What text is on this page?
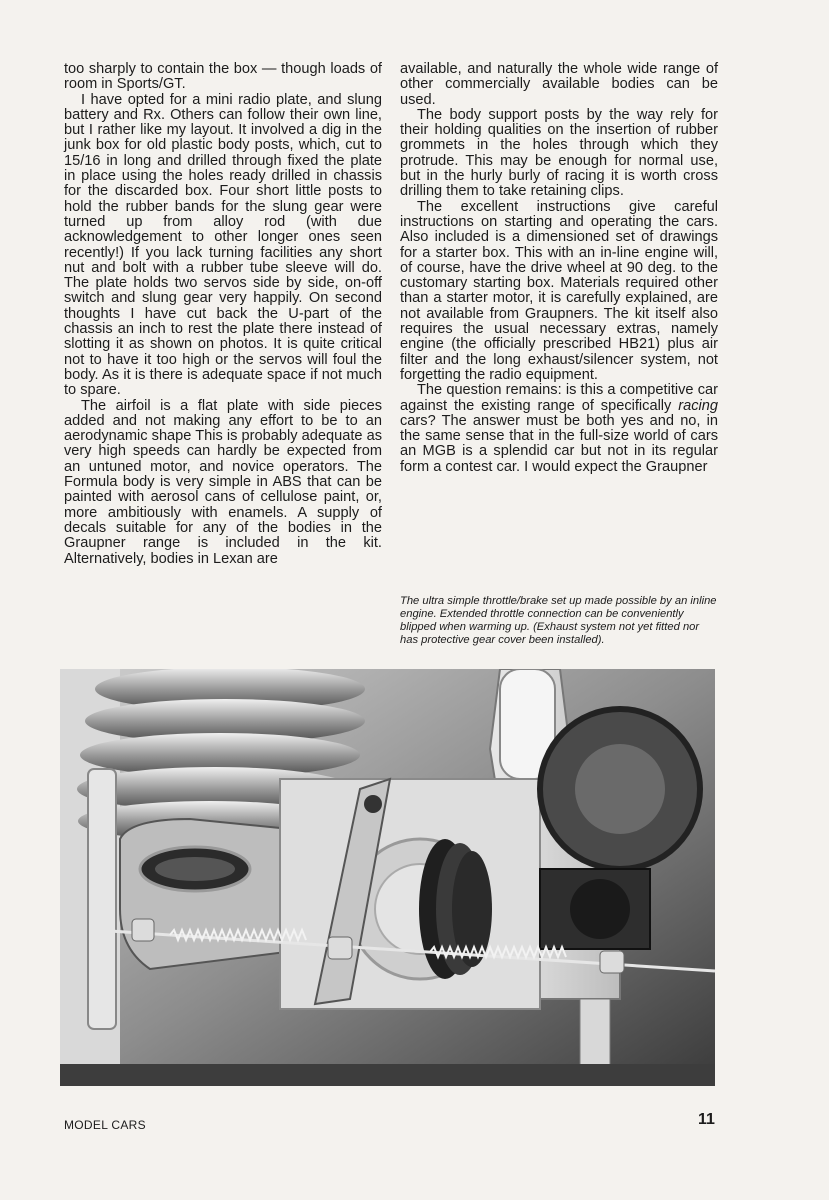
too sharply to contain the box — though loads of room in Sports/GT.

I have opted for a mini radio plate, and slung battery and Rx. Others can follow their own line, but I rather like my layout. It involved a dig in the junk box for old plastic body posts, which, cut to 15/16 in long and drilled through fixed the plate in place using the holes ready drilled in chassis for the discarded box. Four short little posts to hold the rubber bands for the slung gear were turned up from alloy rod (with due acknowledgement to other longer ones seen recently!) If you lack turning facilities any short nut and bolt with a rubber tube sleeve will do. The plate holds two servos side by side, on-off switch and slung gear very happily. On second thoughts I have cut back the U-part of the chassis an inch to rest the plate there instead of slotting it as shown on photos. It is quite critical not to have it too high or the servos will foul the body. As it is there is adequate space if not much to spare.

The airfoil is a flat plate with side pieces added and not making any effort to be to an aerodynamic shape This is probably adequate as very high speeds can hardly be expected from an untuned motor, and novice operators. The Formula body is very simple in ABS that can be painted with aerosol cans of cellulose paint, or, more ambitiously with enamels. A supply of decals suitable for any of the bodies in the Graupner range is included in the kit. Alternatively, bodies in Lexan are

available, and naturally the whole wide range of other commercially available bodies can be used.

The body support posts by the way rely for their holding qualities on the insertion of rubber grommets in the holes through which they protrude. This may be enough for normal use, but in the hurly burly of racing it is worth cross drilling them to take retaining clips.

The excellent instructions give careful instructions on starting and operating the cars. Also included is a dimensioned set of drawings for a starter box. This with an in-line engine will, of course, have the drive wheel at 90 deg. to the customary starting box. Materials required other than a starter motor, it is carefully explained, are not available from Graupners. The kit itself also requires the usual necessary extras, namely engine (the officially prescribed HB21) plus air filter and the long exhaust/silencer system, not forgetting the radio equipment.

The question remains: is this a competitive car against the existing range of specifically racing cars? The answer must be both yes and no, in the same sense that in the full-size world of cars an MGB is a splendid car but not in its regular form a contest car. I would expect the Graupner

The ultra simple throttle/brake set up made possible by an inline engine. Extended throttle connection can be conveniently blipped when warming up. (Exhaust system not yet fitted nor has protective gear cover been installed).

MODEL CARS	11
